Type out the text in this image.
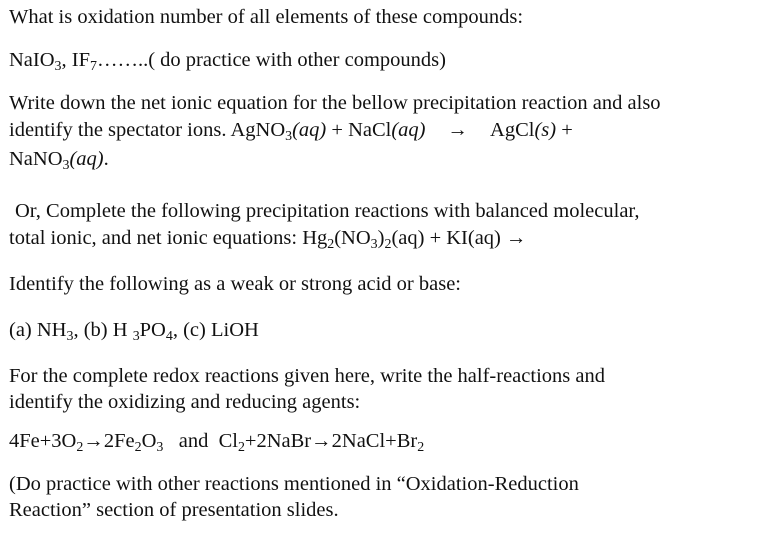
What is oxidation number of all elements of these compounds:
NaIO$_3$, $IF_7\dots\dots$..( do practice with other compounds)
Write down the net ionic equation for the bellow precipitation reaction and also
identify the spectator ions. AgNO$_3$(aq) + NaCl(aq) → AgCl(s) +
NaNO$_3$(aq).
Or, Complete the following precipitation reactions with balanced molecular,
total ionic, and net ionic equations: $Hg_2(NO_3)_2(aq) + KI(aq)$ →
Identify the following as a weak or strong acid or base:
(a) $NH_3$, (b) H $_3PO_4$, (c) LiOH
For the complete redox reactions given here, write the half-reactions and
identify the oxidizing and reducing agents:
$4Fe+3O_2\to 2Fe_2O_3$   and  $Cl_2+2NaBr\to 2NaCl+Br_2$
(Do practice with other reactions mentioned in “Oxidation-Reduction
Reaction” section of presentation slides.
